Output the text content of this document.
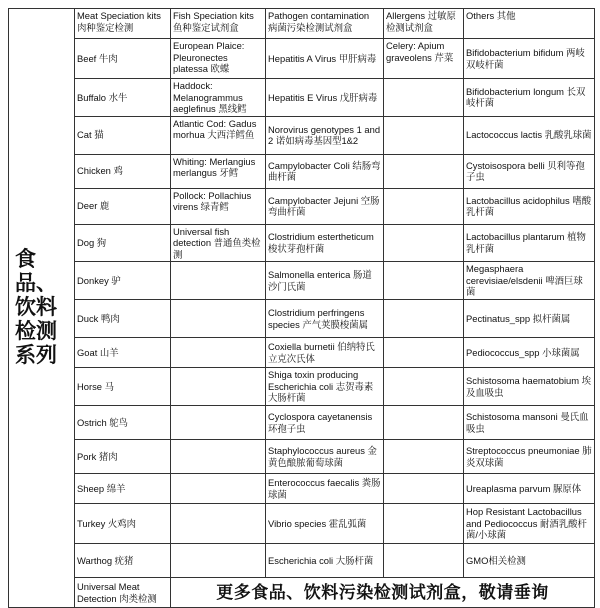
食品、饮料检测系列	Meat Speciation kits 肉种鉴定检测	Fish Speciation kits 鱼种鉴定试剂盒	Pathogen contamination 病菌污染检测试剂盒	Allergens 过敏原检测试剂盒	Others 其他
	Beef 牛肉	European Plaice: Pleuronectes platessa 欧蝶	Hepatitis A Virus 甲肝病毒	Celery: Apium graveolens 芹菜	Bifidobacterium bifidum 两岐双岐杆菌
	Buffalo 水牛	Haddock: Melanogrammus aeglefinus 黑线鳕	Hepatitis E Virus 戊肝病毒		Bifidobacterium longum 长双岐杆菌
	Cat 猫	Atlantic Cod: Gadus morhua 大西洋鳕鱼	Norovirus genotypes 1 and 2 诺如病毒基因型1&2		Lactococcus lactis 乳酸乳球菌
	Chicken 鸡	Whiting: Merlangius merlangus 牙鳕	Campylobacter Coli 结肠弯曲杆菌		Cystoisospora belli 贝利等孢子虫
	Deer 鹿	Pollock: Pollachius virens 绿青鳕	Campylobacter Jejuni 空肠弯曲杆菌		Lactobacillus acidophilus 嗜酸乳杆菌
	Dog 狗	Universal fish detection 普通鱼类检测	Clostridium estertheticum 梭状芽孢杆菌		Lactobacillus plantarum 植物乳杆菌
	Donkey 驴		Salmonella enterica 肠道沙门氏菌		Megasphaera cerevisiae/elsdenii 啤酒巨球菌
	Duck 鸭肉		Clostridium perfringens species 产气荚膜梭菌属		Pectinatus_spp 拟杆菌属
	Goat 山羊		Coxiella burnetii 伯纳特氏立克次氏体		Pediococcus_spp 小球菌属
	Horse 马		Shiga toxin producing Escherichia coli 志贺毒素大肠杆菌		Schistosoma haematobium 埃及血吸虫
	Ostrich 鸵鸟		Cyclospora cayetanensis 环孢子虫		Schistosoma mansoni 曼氏血吸虫
	Pork 猪肉		Staphylococcus aureus 金黄色酿脓葡萄球菌		Streptococcus pneumoniae 肺炎双球菌
	Sheep 绵羊		Enterococcus faecalis 粪肠球菌		Ureaplasma parvum 脲原体
	Turkey 火鸡肉		Vibrio species 霍乱弧菌		Hop Resistant Lactobacillus and Pediococcus 耐酒乳酸杆菌/小球菌
	Warthog 疣猪		Escherichia coli 大肠杆菌		GMO相关检测
	Universal Meat Detection 肉类检测	更多食品、饮料污染检测试剂盒，敬请垂询			
